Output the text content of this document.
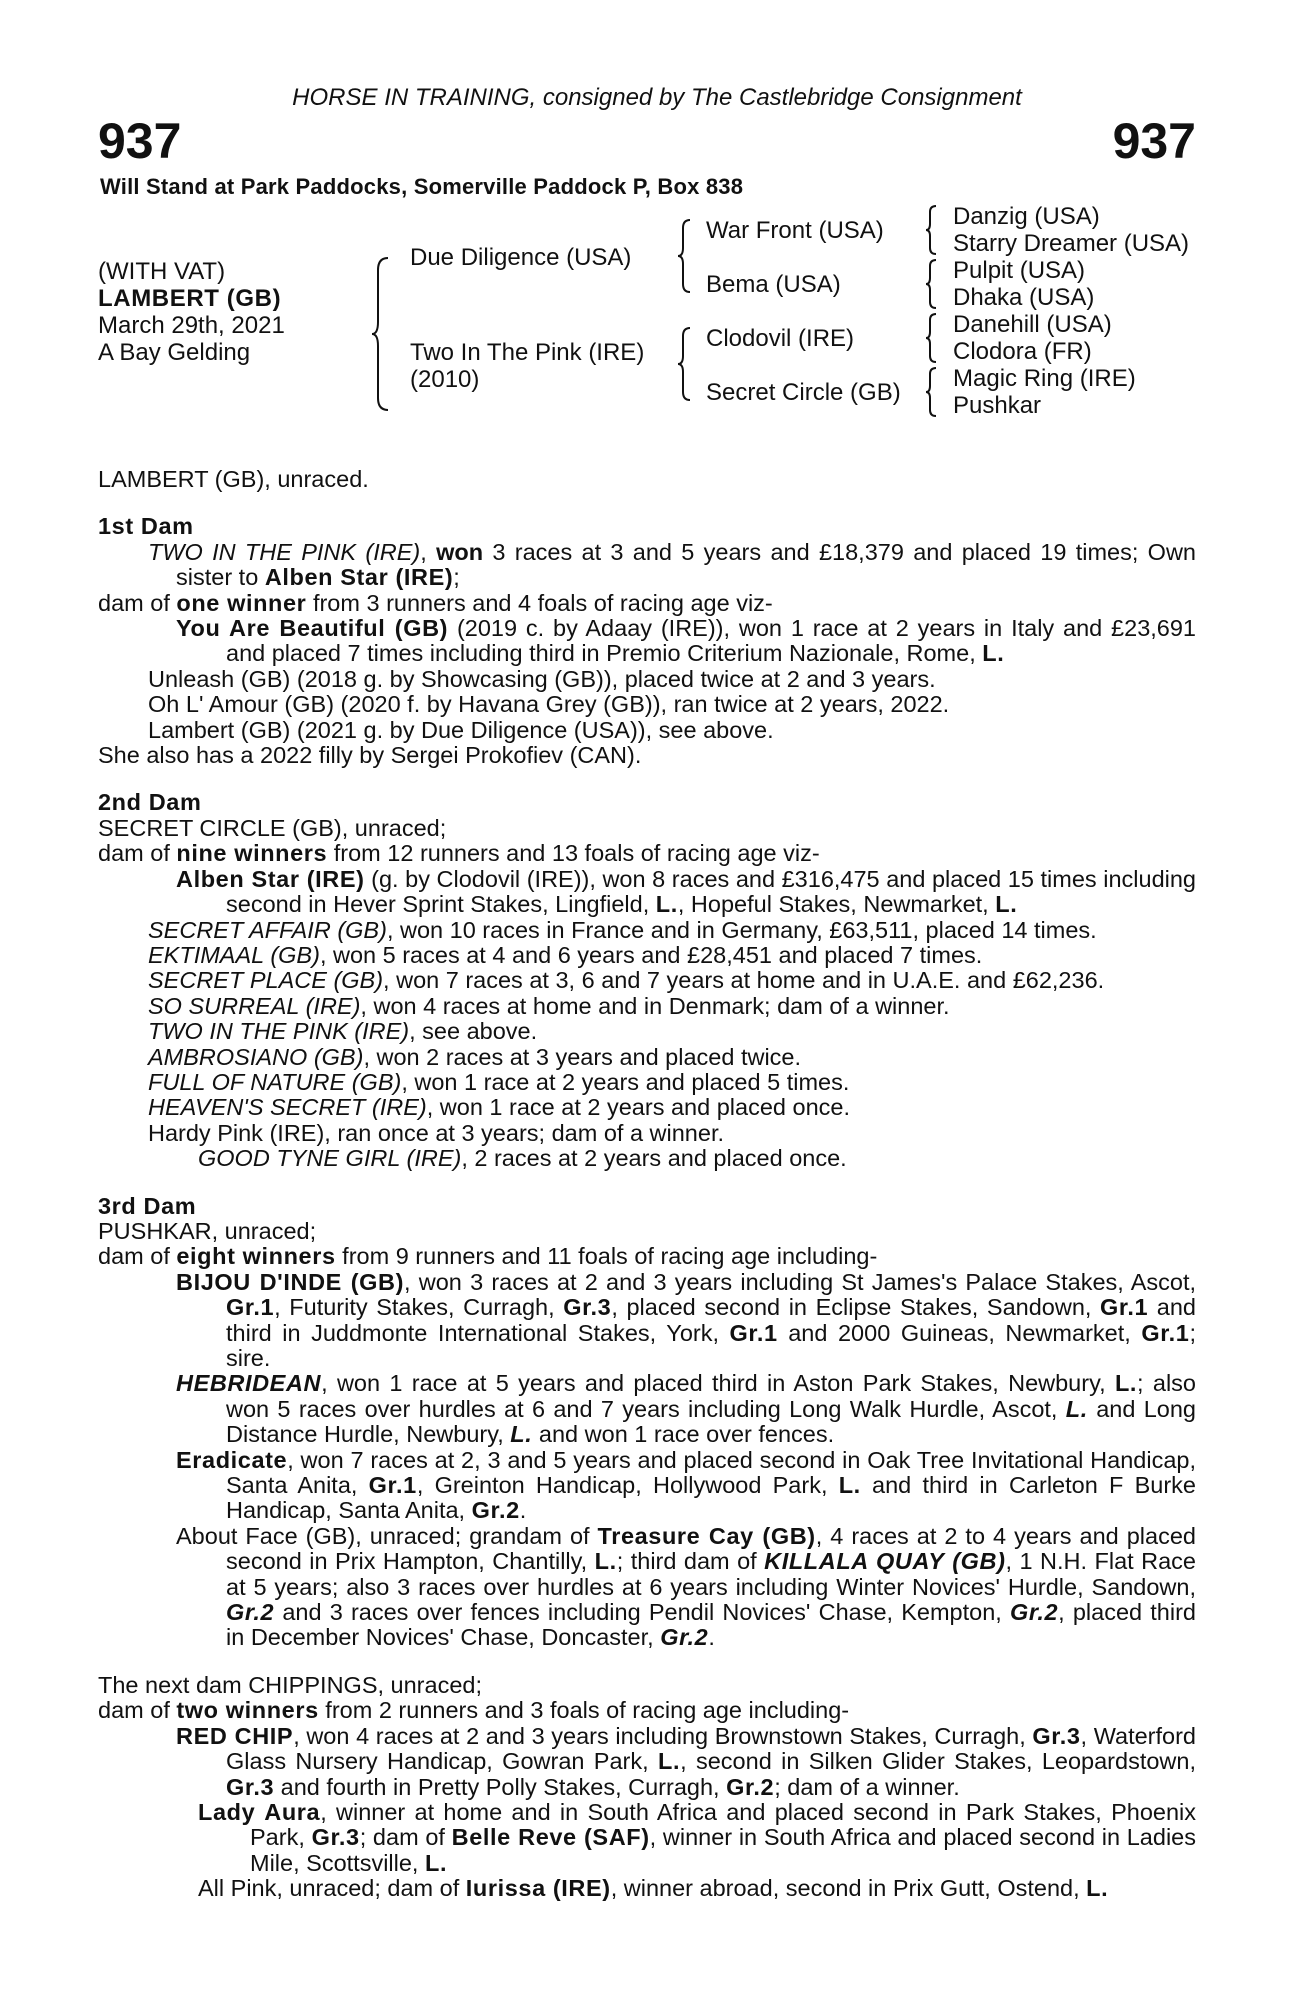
HORSE IN TRAINING, consigned by The Castlebridge Consignment
937	937
Will Stand at Park Paddocks, Somerville Paddock P, Box 838
(WITH VAT)
LAMBERT (GB)
March 29th, 2021
A Bay Gelding
Due Diligence (USA)
Two In The Pink (IRE)
(2010)
War Front (USA)
Bema (USA)
Clodovil (IRE)
Secret Circle (GB)
Danzig (USA)
Starry Dreamer (USA)
Pulpit (USA)
Dhaka (USA)
Danehill (USA)
Clodora (FR)
Magic Ring (IRE)
Pushkar

LAMBERT (GB), unraced.

1st Dam

TWO IN THE PINK (IRE), won 3 races at 3 and 5 years and £18,379 and placed 19 times; Own sister to Alben Star (IRE);

dam of one winner from 3 runners and 4 foals of racing age viz-

You Are Beautiful (GB) (2019 c. by Adaay (IRE)), won 1 race at 2 years in Italy and £23,691 and placed 7 times including third in Premio Criterium Nazionale, Rome, L.

Unleash (GB) (2018 g. by Showcasing (GB)), placed twice at 2 and 3 years.

Oh L' Amour (GB) (2020 f. by Havana Grey (GB)), ran twice at 2 years, 2022.

Lambert (GB) (2021 g. by Due Diligence (USA)), see above.

She also has a 2022 filly by Sergei Prokofiev (CAN).

2nd Dam

SECRET CIRCLE (GB), unraced;

dam of nine winners from 12 runners and 13 foals of racing age viz-

Alben Star (IRE) (g. by Clodovil (IRE)), won 8 races and £316,475 and placed 15 times including second in Hever Sprint Stakes, Lingfield, L., Hopeful Stakes, Newmarket, L.

SECRET AFFAIR (GB), won 10 races in France and in Germany, £63,511, placed 14 times.

EKTIMAAL (GB), won 5 races at 4 and 6 years and £28,451 and placed 7 times.

SECRET PLACE (GB), won 7 races at 3, 6 and 7 years at home and in U.A.E. and £62,236.

SO SURREAL (IRE), won 4 races at home and in Denmark; dam of a winner.

TWO IN THE PINK (IRE), see above.

AMBROSIANO (GB), won 2 races at 3 years and placed twice.

FULL OF NATURE (GB), won 1 race at 2 years and placed 5 times.

HEAVEN'S SECRET (IRE), won 1 race at 2 years and placed once.

Hardy Pink (IRE), ran once at 3 years; dam of a winner.

GOOD TYNE GIRL (IRE), 2 races at 2 years and placed once.

3rd Dam

PUSHKAR, unraced;

dam of eight winners from 9 runners and 11 foals of racing age including-

BIJOU D'INDE (GB), won 3 races at 2 and 3 years including St James's Palace Stakes, Ascot, Gr.1, Futurity Stakes, Curragh, Gr.3, placed second in Eclipse Stakes, Sandown, Gr.1 and third in Juddmonte International Stakes, York, Gr.1 and 2000 Guineas, Newmarket, Gr.1; sire.

HEBRIDEAN, won 1 race at 5 years and placed third in Aston Park Stakes, Newbury, L.; also won 5 races over hurdles at 6 and 7 years including Long Walk Hurdle, Ascot, L. and Long Distance Hurdle, Newbury, L. and won 1 race over fences.

Eradicate, won 7 races at 2, 3 and 5 years and placed second in Oak Tree Invitational Handicap, Santa Anita, Gr.1, Greinton Handicap, Hollywood Park, L. and third in Carleton F Burke Handicap, Santa Anita, Gr.2.

About Face (GB), unraced; grandam of Treasure Cay (GB), 4 races at 2 to 4 years and placed second in Prix Hampton, Chantilly, L.; third dam of KILLALA QUAY (GB), 1 N.H. Flat Race at 5 years; also 3 races over hurdles at 6 years including Winter Novices' Hurdle, Sandown, Gr.2 and 3 races over fences including Pendil Novices' Chase, Kempton, Gr.2, placed third in December Novices' Chase, Doncaster, Gr.2.

The next dam CHIPPINGS, unraced;

dam of two winners from 2 runners and 3 foals of racing age including-

RED CHIP, won 4 races at 2 and 3 years including Brownstown Stakes, Curragh, Gr.3, Waterford Glass Nursery Handicap, Gowran Park, L., second in Silken Glider Stakes, Leopardstown, Gr.3 and fourth in Pretty Polly Stakes, Curragh, Gr.2; dam of a winner.

Lady Aura, winner at home and in South Africa and placed second in Park Stakes, Phoenix Park, Gr.3; dam of Belle Reve (SAF), winner in South Africa and placed second in Ladies Mile, Scottsville, L.

All Pink, unraced; dam of Iurissa (IRE), winner abroad, second in Prix Gutt, Ostend, L.
